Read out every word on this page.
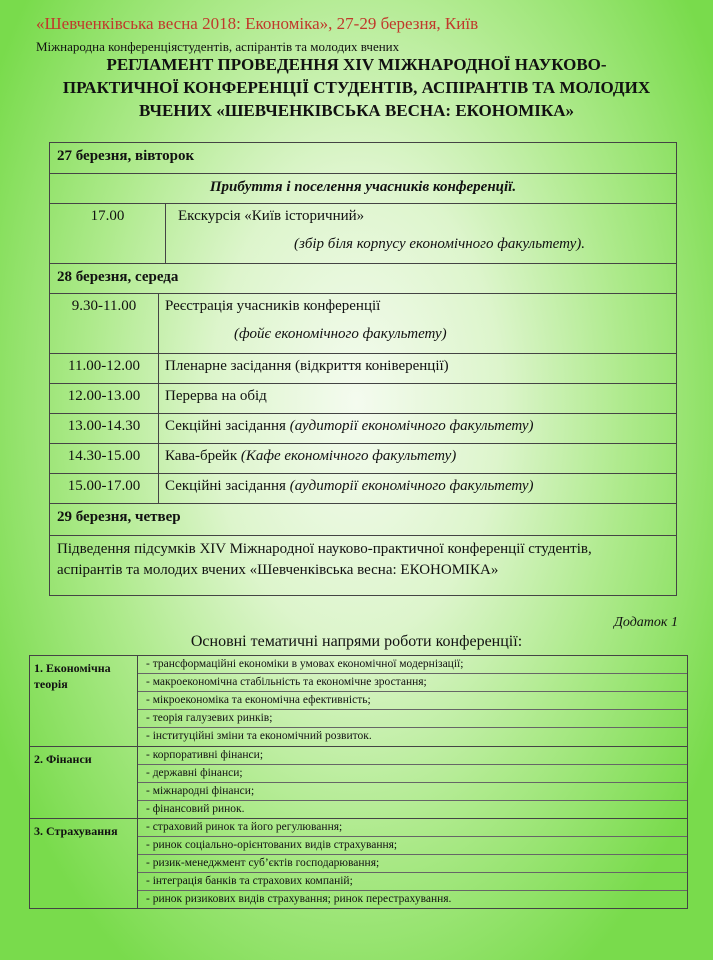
«Шевченківська весна 2018: Економіка», 27-29 березня, Київ
Міжнародна конференціястудентів, аспірантів та молодих вчених
РЕГЛАМЕНТ ПРОВЕДЕННЯ XIV МІЖНАРОДНОЇ НАУКОВО-
ПРАКТИЧНОЇ КОНФЕРЕНЦІЇ СТУДЕНТІВ, АСПІРАНТІВ ТА МОЛОДИХ
ВЧЕНИХ «ШЕВЧЕНКІВСЬКА ВЕСНА: ЕКОНОМІКА»
27 березня, вівторок
Прибуття і поселення учасників конференції.
17.00	Екскурсія «Київ історичний»
(збір біля корпусу економічного факультету).
28 березня, середа
9.30-11.00	Реєстрація учасників конференції
(фойє економічного факультету)
11.00-12.00	Пленарне засідання (відкриття коніверенції)
12.00-13.00	Перерва на обід
13.00-14.30	Секційні засідання (аудиторії економічного факультету)
14.30-15.00	Кава-брейк (Кафе економічного факультету)
15.00-17.00	Секційні засідання (аудиторії економічного факультету)
29 березня, четвер
Підведення підсумків XIV Міжнародної науково-практичної конференції студентів,
аспірантів та молодих вчених «Шевченківська весна: ЕКОНОМІКА»
Додаток 1
Основні тематичні напрями роботи конференції:
1. Економічна теорія
- трансформаційні економіки в умовах економічної модернізації;
- макроекономічна стабільність та економічне зростання;
- мікроекономіка та економічна ефективність;
- теорія галузевих ринків;
- інституційні зміни та економічний розвиток.
2. Фінанси	- корпоративні фінанси;
- державні фінанси;
- міжнародні фінанси;
- фінансовий ринок.
3. Страхування	- страховий ринок та його регулювання;
- ринок соціально-орієнтованих видів страхування;
- ризик-менеджмент суб’єктів господарювання;
- інтеграція банків та страхових компаній;
- ринок ризикових видів страхування; ринок перестрахування.
